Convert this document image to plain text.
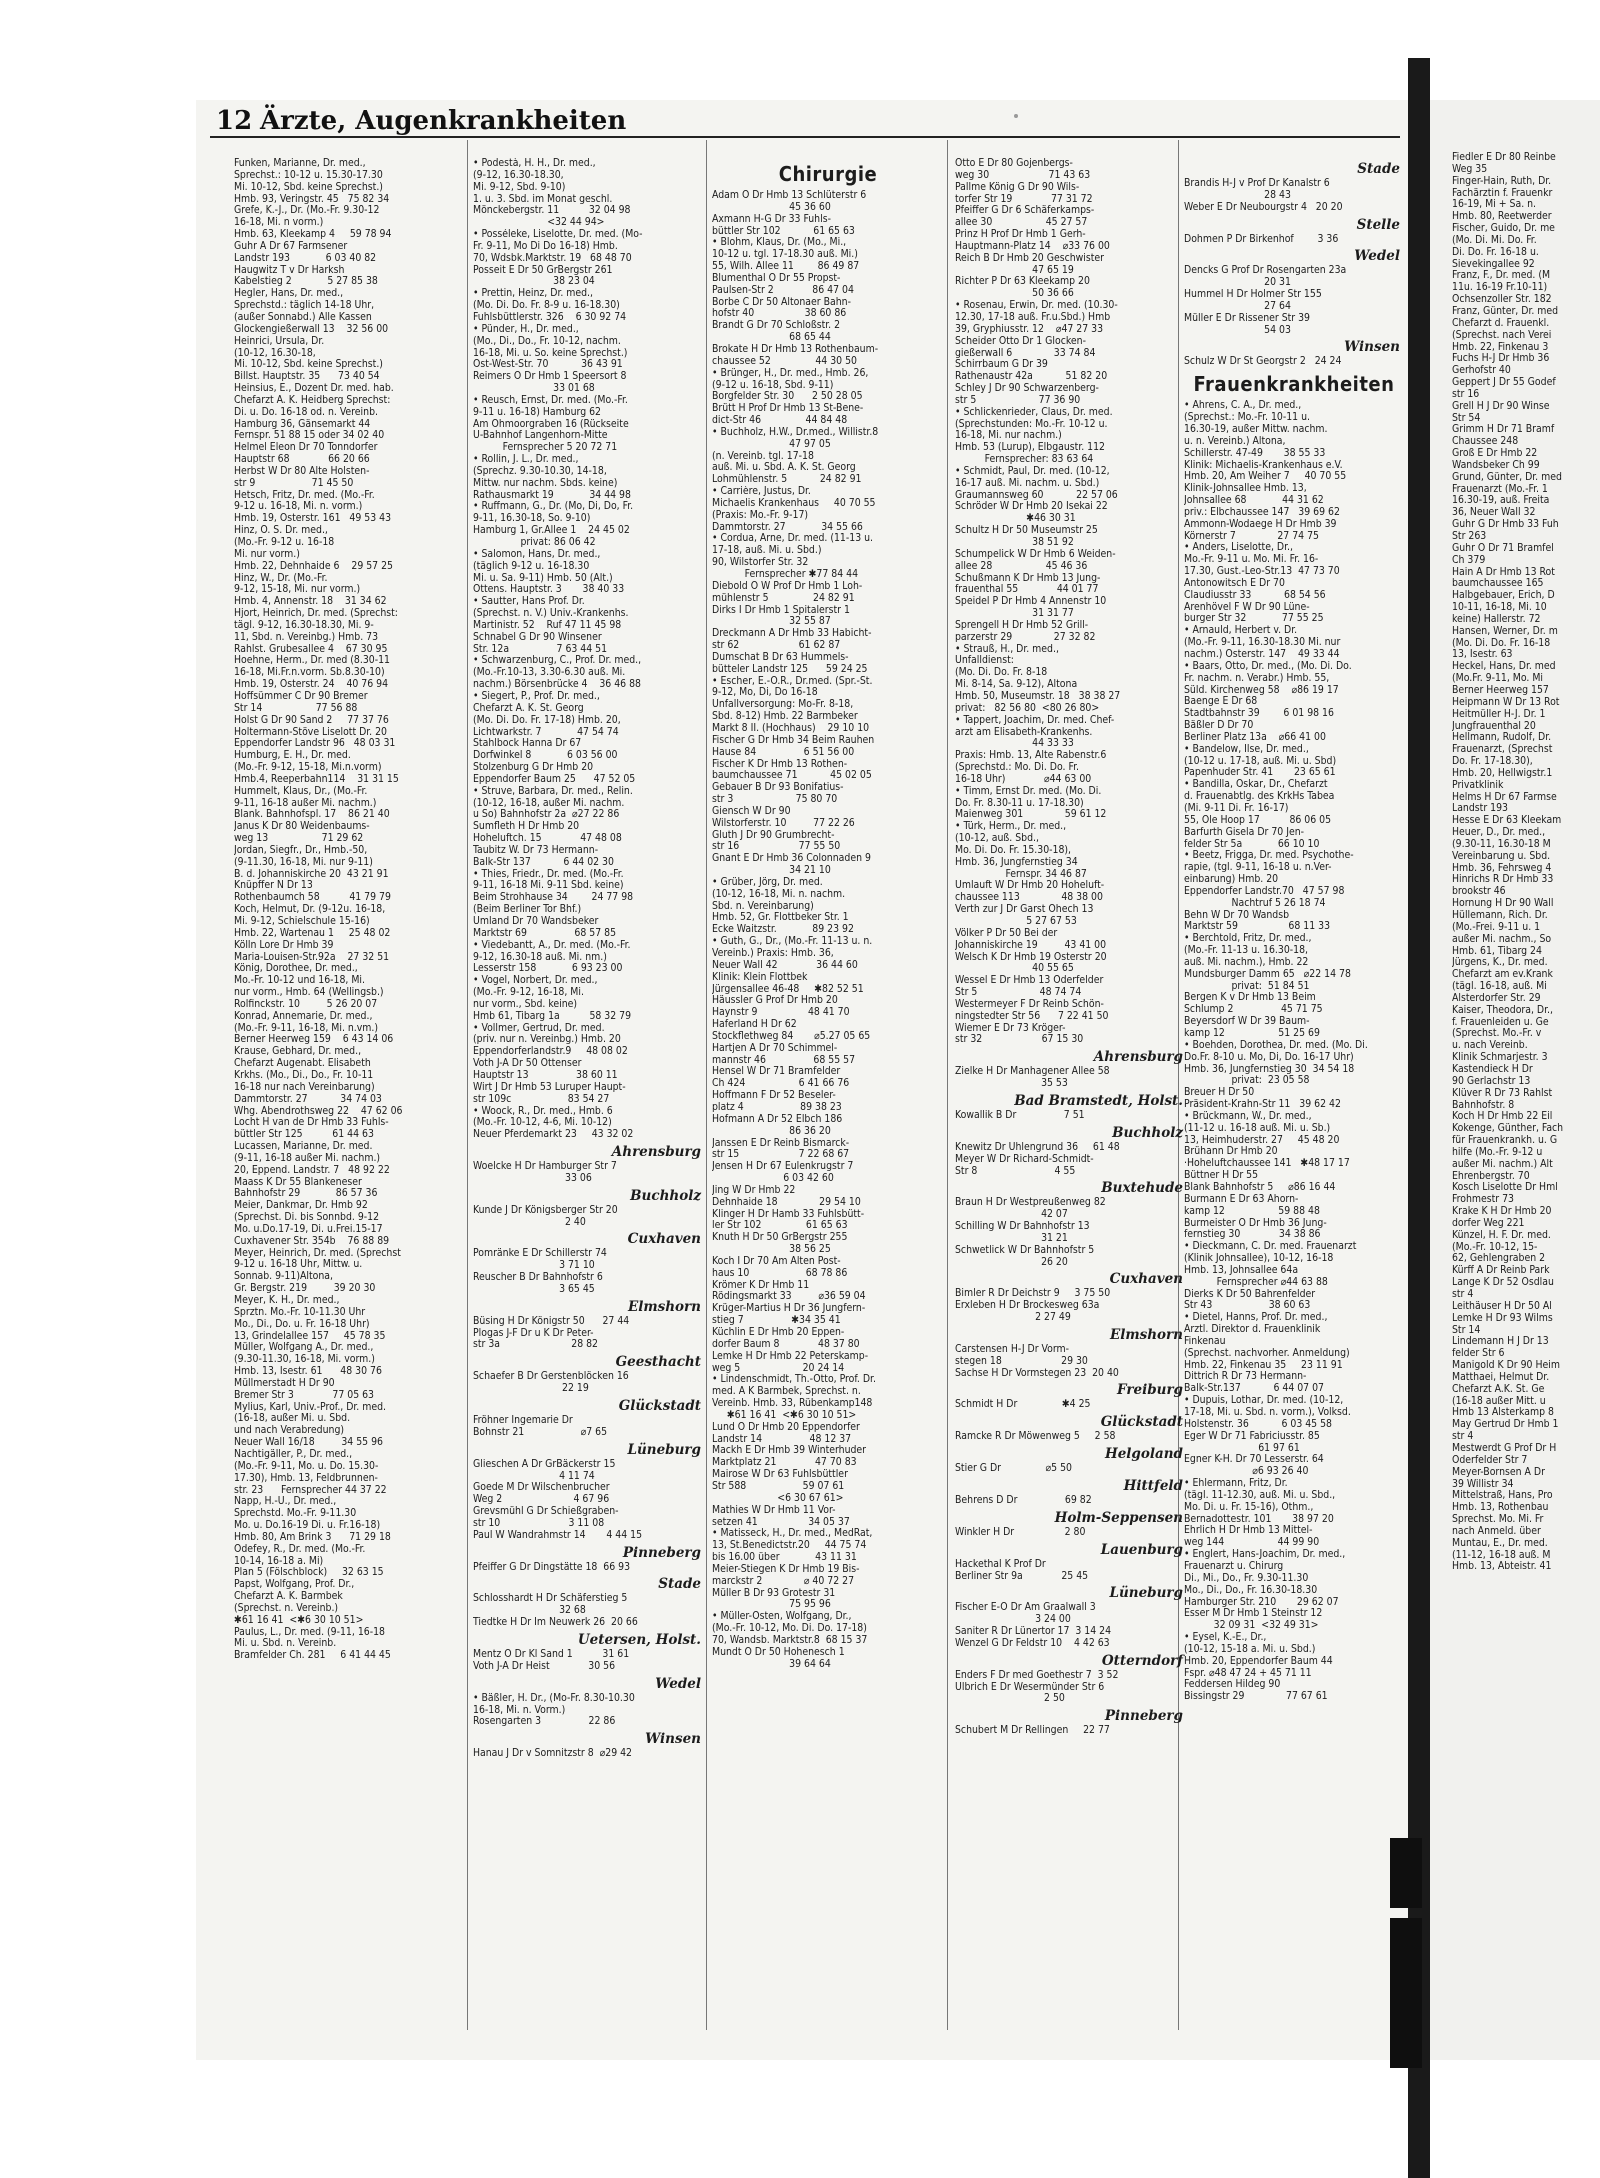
Fiedler E Dr 80 Reinbe
Weg 35
Finger-Hain, Ruth, Dr.
Fachärztin f. Frauenkr
16-19, Mi + Sa. n.
Hmb. 80, Reetwerder
Fischer, Guido, Dr. me
(Mo. Di. Mi. Do. Fr.
Di. Do. Fr. 16-18 u.
Sievekingallee 92
Franz, F., Dr. med. (M
11u. 16-19 Fr.10-11)
Ochsenzoller Str. 182
Franz, Günter, Dr. med
Chefarzt d. Frauenkl.
(Sprechst. nach Verei
Hmb. 22, Finkenau 3
Fuchs H-J Dr Hmb 36
Gerhofstr 40
Geppert J Dr 55 Godef
str 16
Grell H J Dr 90 Winse
Str 54
Grimm H Dr 71 Bramf
Chaussee 248
Groß E Dr Hmb 22
Wandsbeker Ch 99
Grund, Günter, Dr. med
Frauenarzt (Mo.-Fr. 1
16.30-19, auß. Freita
36, Neuer Wall 32
Guhr G Dr Hmb 33 Fuh
Str 263
Guhr O Dr 71 Bramfel
Ch 379
Hain A Dr Hmb 13 Rot
baumchaussee 165
Halbgebauer, Erich, D
10-11, 16-18, Mi. 10
keine) Hallerstr. 72
Hansen, Werner, Dr. m
(Mo. Di. Do. Fr. 16-18
13, Isestr. 63
Heckel, Hans, Dr. med
(Mo.Fr. 9-11, Mo. Mi
Berner Heerweg 157
Heipmann W Dr 13 Rot
Heitmüller H-J. Dr. 1
Jungfrauenthal 20
Hellmann, Rudolf, Dr.
Frauenarzt, (Sprechst
Do. Fr. 17-18.30),
Hmb. 20, Hellwigstr.1
Privatklinik
Helms H Dr 67 Farmse
Landstr 193
Hesse E Dr 63 Kleekam
Heuer, D., Dr. med.,
(9.30-11, 16.30-18 M
Vereinbarung u. Sbd.
Hmb. 36, Fehrsweg 4
Hinrichs R Dr Hmb 33
brookstr 46
Hornung H Dr 90 Wall
Hüllemann, Rich. Dr.
(Mo.-Frei. 9-11 u. 1
außer Mi. nachm., So
Hmb. 61, Tibarg 24
Jürgens, K., Dr. med.
Chefarzt am ev.Krank
(tägl. 16-18, auß. Mi
Alsterdorfer Str. 29
Kaiser, Theodora, Dr.,
f. Frauenleiden u. Ge
(Sprechst. Mo.-Fr. v
u. nach Vereinb.
Klinik Schmarjestr. 3
Kastendieck H Dr
90 Gerlachstr 13
Klüver R Dr 73 Rahlst
Bahnhofstr. 8
Koch H Dr Hmb 22 Eil
Kokenge, Günther, Fach
für Frauenkrankh. u. G
hilfe (Mo.-Fr. 9-12 u
außer Mi. nachm.) Alt
Ehrenbergstr. 70
Kosch Liselotte Dr Hml
Frohmestr 73
Krake K H Dr Hmb 20
dorfer Weg 221
Künzel, H. F. Dr. med.
(Mo.-Fr. 10-12, 15-
62, Gehlengraben 2
Kürff A Dr Reinb Park
Lange K Dr 52 Osdlau
str 4
Leithäuser H Dr 50 Al
Lemke H Dr 93 Wilms
Str 14
Lindemann H J Dr 13
felder Str 6
Manigold K Dr 90 Heim
Matthaei, Helmut Dr.
Chefarzt A.K. St. Ge
(16-18 außer Mitt. u
Hmb 13 Alsterkamp 8
May Gertrud Dr Hmb 1
str 4
Mestwerdt G Prof Dr H
Oderfelder Str 7
Meyer-Bornsen A Dr
39 Willistr 34
Mittelstraß, Hans, Pro
Hmb. 13, Rothenbau
Sprechst. Mo. Mi. Fr
nach Anmeld. über
Muntau, E., Dr. med.
(11-12, 16-18 auß. M
Hmb. 13, Abteistr. 41
12 Ärzte, Augenkrankheiten
Funken, Marianne, Dr. med.,
Sprechst.: 10-12 u. 15.30-17.30
Mi. 10-12, Sbd. keine Sprechst.)
Hmb. 93, Veringstr. 45   75 82 34
Grefe, K.-J., Dr. (Mo.-Fr. 9.30-12
16-18, Mi. n vorm.)
Hmb. 63, Kleekamp 4     59 78 94
Guhr A Dr 67 Farmsener
Landstr 193            6 03 40 82
Haugwitz T v Dr Harksh
Kabelstieg 2            5 27 85 38
Hegler, Hans, Dr. med.,
Sprechstd.: täglich 14-18 Uhr,
(außer Sonnabd.) Alle Kassen
Glockengießerwall 13    32 56 00
Heinrici, Ursula, Dr.
(10-12, 16.30-18,
Mi. 10-12, Sbd. keine Sprechst.)
Billst. Hauptstr. 35      73 40 54
Heinsius, E., Dozent Dr. med. hab.
Chefarzt A. K. Heidberg Sprechst:
Di. u. Do. 16-18 od. n. Vereinb.
Hamburg 36, Gänsemarkt 44
Fernspr. 51 88 15 oder 34 02 40
Helmel Eleon Dr 70 Tonndorfer
Hauptstr 68             66 20 66
Herbst W Dr 80 Alte Holsten-
str 9                   71 45 50
Hetsch, Fritz, Dr. med. (Mo.-Fr.
9-12 u. 16-18, Mi. n. vorm.)
Hmb. 19, Osterstr. 161   49 53 43
Hinz, O. S. Dr. med.,
(Mo.-Fr. 9-12 u. 16-18
Mi. nur vorm.)
Hmb. 22, Dehnhaide 6    29 57 25
Hinz, W., Dr. (Mo.-Fr.
9-12, 15-18, Mi. nur vorm.)
Hmb. 4, Annenstr. 18    31 34 62
Hjort, Heinrich, Dr. med. (Sprechst:
tägl. 9-12, 16.30-18.30, Mi. 9-
11, Sbd. n. Vereinbg.) Hmb. 73
Rahlst. Grubesallee 4    67 30 95
Hoehne, Herm., Dr. med (8.30-11
16-18, Mi.Fr.n.vorm. Sb.8.30-10)
Hmb. 19, Osterstr. 24    40 76 94
Hoffsümmer C Dr 90 Bremer
Str 14                  77 56 88
Holst G Dr 90 Sand 2     77 37 76
Holtermann-Stöve Liselott Dr. 20
Eppendorfer Landstr 96   48 03 31
Humburg, E. H., Dr. med.
(Mo.-Fr. 9-12, 15-18, Mi.n.vorm)
Hmb.4, Reeperbahn114    31 31 15
Hummelt, Klaus, Dr., (Mo.-Fr.
9-11, 16-18 außer Mi. nachm.)
Blank. Bahnhofspl. 17    86 21 40
Janus K Dr 80 Weidenbaums-
weg 13                  71 29 62
Jordan, Siegfr., Dr., Hmb.-50,
(9-11.30, 16-18, Mi. nur 9-11)
B. d. Johanniskirche 20  43 21 91
Knüpffer N Dr 13
Rothenbaumch 58          41 79 79
Koch, Helmut, Dr. (9-12u. 16-18,
Mi. 9-12, Schielschule 15-16)
Hmb. 22, Wartenau 1     25 48 02
Kölln Lore Dr Hmb 39
Maria-Louisen-Str.92a    27 32 51
König, Dorothee, Dr. med.,
Mo.-Fr. 10-12 und 16-18, Mi.
nur vorm., Hmb. 64 (Wellingsb.)
Rolfinckstr. 10         5 26 20 07
Konrad, Annemarie, Dr. med.,
(Mo.-Fr. 9-11, 16-18, Mi. n.vm.)
Berner Heerweg 159    6 43 14 06
Krause, Gebhard, Dr. med.,
Chefarzt Augenabt. Elisabeth
Krkhs. (Mo., Di., Do., Fr. 10-11
16-18 nur nach Vereinbarung)
Dammtorstr. 27           34 74 03
Whg. Abendrothsweg 22    47 62 06
Locht H van de Dr Hmb 33 Fuhls-
büttler Str 125          61 44 63
Lucassen, Marianne, Dr. med.
(9-11, 16-18 außer Mi. nachm.)
20, Eppend. Landstr. 7   48 92 22
Maass K Dr 55 Blankeneser
Bahnhofstr 29            86 57 36
Meier, Dankmar, Dr. Hmb 92
(Sprechst. Di. bis Sonnbd. 9-12
Mo. u.Do.17-19, Di. u.Frei.15-17
Cuxhavener Str. 354b    76 88 89
Meyer, Heinrich, Dr. med. (Sprechst
9-12 u. 16-18 Uhr, Mittw. u.
Sonnab. 9-11)Altona,
Gr. Bergstr. 219         39 20 30
Meyer, K. H., Dr. med.,
Sprztn. Mo.-Fr. 10-11.30 Uhr
Mo., Di., Do. u. Fr. 16-18 Uhr)
13, Grindelallee 157     45 78 35
Müller, Wolfgang A., Dr. med.,
(9.30-11.30, 16-18, Mi. vorm.)
Hmb. 13, Isestr. 61      48 30 76
Müllmerstadt H Dr 90
Bremer Str 3             77 05 63
Mylius, Karl, Univ.-Prof., Dr. med.
(16-18, außer Mi. u. Sbd.
und nach Verabredung)
Neuer Wall 16/18         34 55 96
Nachtigäller, P., Dr. med.,
(Mo.-Fr. 9-11, Mo. u. Do. 15.30-
17.30), Hmb. 13, Feldbrunnen-
str. 23      Fernsprecher 44 37 22
Napp, H.-U., Dr. med.,
Sprechstd. Mo.-Fr. 9-11.30
Mo. u. Do.16-19 Di. u. Fr.16-18)
Hmb. 80, Am Brink 3      71 29 18
Odefey, R., Dr. med. (Mo.-Fr.
10-14, 16-18 a. Mi)
Plan 5 (Fölschblock)     32 63 15
Papst, Wolfgang, Prof. Dr.,
Chefarzt A. K. Barmbek
(Sprechst. n. Vereinb.)
✱61 16 41  <✱6 30 10 51>
Paulus, L., Dr. med. (9-11, 16-18
Mi. u. Sbd. n. Vereinb.
Bramfelder Ch. 281     6 41 44 45
• Podestà, H. H., Dr. med.,
(9-12, 16.30-18.30,
Mi. 9-12, Sbd. 9-10)
1. u. 3. Sbd. im Monat geschl.
Mönckebergstr. 11          32 04 98
<32 44 94>
• Posséleke, Liselotte, Dr. med. (Mo-
Fr. 9-11, Mo Di Do 16-18) Hmb.
70, Wdsbk.Marktstr. 19   68 48 70
Posseit E Dr 50 GrBergstr 261
38 23 04
• Prettin, Heinz, Dr. med.,
(Mo. Di. Do. Fr. 8-9 u. 16-18.30)
Fuhlsbüttlerstr. 326    6 30 92 74
• Pünder, H., Dr. med.,
(Mo., Di., Do., Fr. 10-12, nachm.
16-18, Mi. u. So. keine Sprechst.)
Ost-West-Str. 70           36 43 91
Reimers O Dr Hmb 1 Speersort 8
33 01 68
• Reusch, Ernst, Dr. med. (Mo.-Fr.
9-11 u. 16-18) Hamburg 62
Am Ohmoorgraben 16 (Rückseite
U-Bahnhof Langenhorn-Mitte
Fernsprecher 5 20 72 71
• Rollin, J. L., Dr. med.,
(Sprechz. 9.30-10.30, 14-18,
Mittw. nur nachm. Sbds. keine)
Rathausmarkt 19            34 44 98
• Ruffmann, G., Dr. (Mo, Di, Do, Fr.
9-11, 16.30-18, So. 9-10)
Hamburg 1, Gr.Allee 1    24 45 02
privat: 86 06 42
• Salomon, Hans, Dr. med.,
(täglich 9-12 u. 16-18.30
Mi. u. Sa. 9-11) Hmb. 50 (Alt.)
Ottens. Hauptstr. 3       38 40 33
• Sautter, Hans Prof. Dr.
(Sprechst. n. V.) Univ.-Krankenhs.
Martinistr. 52    Ruf 47 11 45 98
Schnabel G Dr 90 Winsener
Str. 12a                7 63 44 51
• Schwarzenburg, C., Prof. Dr. med.,
(Mo.-Fr.10-13, 3.30-6.30 auß. Mi.
nachm.) Börsenbrücke 4    36 46 88
• Siegert, P., Prof. Dr. med.,
Chefarzt A. K. St. Georg
(Mo. Di. Do. Fr. 17-18) Hmb. 20,
Lichtwarkstr. 7            47 54 74
Stahlbock Hanna Dr 67
Dorfwinkel 8            6 03 56 00
Stolzenburg G Dr Hmb 20
Eppendorfer Baum 25      47 52 05
• Struve, Barbara, Dr. med., Relin.
(10-12, 16-18, außer Mi. nachm.
u So) Bahnhofstr 2a  ⌀27 22 86
Sumfleth H Dr Hmb 20
Hoheluftch. 15             47 48 08
Taubitz W. Dr 73 Hermann-
Balk-Str 137           6 44 02 30
• Thies, Friedr., Dr. med. (Mo.-Fr.
9-11, 16-18 Mi. 9-11 Sbd. keine)
Beim Strohhause 34        24 77 98
(Beim Berliner Tor Bhf.)
Umland Dr 70 Wandsbeker
Marktstr 69                68 57 85
• Viedebantt, A., Dr. med. (Mo.-Fr.
9-12, 16.30-18 auß. Mi. nm.)
Lesserstr 158            6 93 23 00
• Vogel, Norbert, Dr. med.,
(Mo.-Fr. 9-12, 16-18, Mi.
nur vorm., Sbd. keine)
Hmb 61, Tibarg 1a          58 32 79
• Vollmer, Gertrud, Dr. med.
(priv. nur n. Vereinbg.) Hmb. 20
Eppendorferlandstr.9     48 08 02
Voth J-A Dr 50 Ottenser
Hauptstr 13                38 60 11
Wirt J Dr Hmb 53 Luruper Haupt-
str 109c                   83 54 27
• Woock, R., Dr. med., Hmb. 6
(Mo.-Fr. 10-12, 4-6, Mi. 10-12)
Neuer Pferdemarkt 23     43 32 02
Ahrensburg
Woelcke H Dr Hamburger Str 7
33 06
Buchholz
Kunde J Dr Königsberger Str 20
2 40
Cuxhaven
Pomränke E Dr Schillerstr 74
3 71 10
Reuscher B Dr Bahnhofstr 6
3 65 45
Elmshorn
Büsing H Dr Königstr 50      27 44
Plogas J-F Dr u K Dr Peter-
str 3a                        28 82
Geesthacht
Schaefer B Dr Gerstenblöcken 16
22 19
Glückstadt
Fröhner Ingemarie Dr
Bohnstr 21                   ⌀7 65
Lüneburg
Glieschen A Dr GrBäckerstr 15
4 11 74
Goede M Dr Wilschenbrucher
Weg 2                        4 67 96
Grevsmühl G Dr Schießgraben-
str 10                       3 11 08
Paul W Wandrahmstr 14       4 44 15
Pinneberg
Pfeiffer G Dr Dingstätte 18  66 93
Stade
Schlosshardt H Dr Schäferstieg 5
32 68
Tiedtke H Dr Im Neuwerk 26  20 66
Uetersen, Holst.
Mentz O Dr Kl Sand 1          31 61
Voth J-A Dr Heist             30 56
Wedel
• Bäßler, H. Dr., (Mo-Fr. 8.30-10.30
16-18, Mi. n. Vorm.)
Rosengarten 3                22 86
Winsen
Hanau J Dr v Somnitzstr 8  ⌀29 42
Chirurgie
Adam O Dr Hmb 13 Schlüterstr 6
45 36 60
Axmann H-G Dr 33 Fuhls-
büttler Str 102           61 65 63
• Blohm, Klaus, Dr. (Mo., Mi.,
10-12 u. tgl. 17-18.30 auß. Mi.)
55, Wilh. Allee 11        86 49 87
Blumenthal O Dr 55 Propst-
Paulsen-Str 2             86 47 04
Borbe C Dr 50 Altonaer Bahn-
hofstr 40                 38 60 86
Brandt G Dr 70 Schloßstr. 2
68 65 44
Brokate H Dr Hmb 13 Rothenbaum-
chaussee 52               44 30 50
• Brünger, H., Dr. med., Hmb. 26,
(9-12 u. 16-18, Sbd. 9-11)
Borgfelder Str. 30      2 50 28 05
Brütt H Prof Dr Hmb 13 St-Bene-
dict-Str 46               44 84 48
• Buchholz, H.W., Dr.med., Willistr.8
47 97 05
(n. Vereinb. tgl. 17-18
auß. Mi. u. Sbd. A. K. St. Georg
Lohmühlenstr. 5           24 82 91
• Carrière, Justus, Dr.
Michaelis Krankenhaus     40 70 55
(Praxis: Mo.-Fr. 9-17)
Dammtorstr. 27            34 55 66
• Cordua, Arne, Dr. med. (11-13 u.
17-18, auß. Mi. u. Sbd.)
90, Wilstorfer Str. 32
Fernsprecher ✱77 84 44
Diebold O W Prof Dr Hmb 1 Loh-
mühlenstr 5               24 82 91
Dirks I Dr Hmb 1 Spitalerstr 1
32 55 87
Dreckmann A Dr Hmb 33 Habicht-
str 62                    61 62 87
Dumschat B Dr 63 Hummels-
bütteler Landstr 125      59 24 25
• Escher, E.-O.R., Dr.med. (Spr.-St.
9-12, Mo, Di, Do 16-18
Unfallversorgung: Mo-Fr. 8-18,
Sbd. 8-12) Hmb. 22 Barmbeker
Markt 8 II. (Hochhaus)    29 10 10
Fischer G Dr Hmb 34 Beim Rauhen
Hause 84                6 51 56 00
Fischer K Dr Hmb 13 Rothen-
baumchaussee 71           45 02 05
Gebauer B Dr 93 Bonifatius-
str 3                     75 80 70
Giensch W Dr 90
Wilstorferstr. 10         77 22 26
Gluth J Dr 90 Grumbrecht-
str 16                    77 55 50
Gnant E Dr Hmb 36 Colonnaden 9
34 21 10
• Grüber, Jörg, Dr. med.
(10-12, 16-18, Mi. n. nachm.
Sbd. n. Vereinbarung)
Hmb. 52, Gr. Flottbeker Str. 1
Ecke Waitzstr.            89 23 92
• Guth, G., Dr., (Mo.-Fr. 11-13 u. n.
Vereinb.) Praxis: Hmb. 36,
Neuer Wall 42             36 44 60
Klinik: Klein Flottbek
Jürgensallee 46-48     ✱82 52 51
Häussler G Prof Dr Hmb 20
Haynstr 9                 48 41 70
Haferland H Dr 62
Stockflethweg 84       ⌀5.27 05 65
Hartjen A Dr 70 Schimmel-
mannstr 46                68 55 57
Hensel W Dr 71 Bramfelder
Ch 424                  6 41 66 76
Hoffmann F Dr 52 Beseler-
platz 4                   89 38 23
Hofmann A Dr 52 Elbch 186
86 36 20
Janssen E Dr Reinb Bismarck-
str 15                    7 22 68 67
Jensen H Dr 67 Eulenkrugstr 7
6 03 42 60
Jing W Dr Hmb 22
Dehnhaide 18              29 54 10
Klinger H Dr Hamb 33 Fuhlsbütt-
ler Str 102               61 65 63
Knuth H Dr 50 GrBergstr 255
38 56 25
Koch I Dr 70 Am Alten Post-
haus 10                   68 78 86
Krömer K Dr Hmb 11
Rödingsmarkt 33         ⌀36 59 04
Krüger-Martius H Dr 36 Jungfern-
stieg 7                ✱34 35 41
Küchlin E Dr Hmb 20 Eppen-
dorfer Baum 8             48 37 80
Lemke H Dr Hmb 22 Peterskamp-
weg 5                     20 24 14
• Lindenschmidt, Th.-Otto, Prof. Dr.
med. A K Barmbek, Sprechst. n.
Vereinb. Hmb. 33, Rübenkamp148
✱61 16 41  <✱6 30 10 51>
Lund O Dr Hmb 20 Eppendorfer
Landstr 14                48 12 37
Mackh E Dr Hmb 39 Winterhuder
Marktplatz 21             47 70 83
Mairose W Dr 63 Fuhlsbüttler
Str 588                   59 07 61
<6 30 67 61>
Mathies W Dr Hmb 11 Vor-
setzen 41                 34 05 37
• Matisseck, H., Dr. med., MedRat,
13, St.Benedictstr.20     44 75 74
bis 16.00 über            43 11 31
Meier-Stiegen K Dr Hmb 19 Bis-
marckstr 2              ⌀ 40 72 27
Müller B Dr 93 Grotestr 31
75 95 96
• Müller-Osten, Wolfgang, Dr.,
(Mo.-Fr. 10-12, Mo. Di. Do. 17-18)
70, Wandsb. Marktstr.8  68 15 37
Mundt O Dr 50 Hohenesch 1
39 64 64
Otto E Dr 80 Gojenbergs-
weg 30                    71 43 63
Pallme König G Dr 90 Wils-
torfer Str 19             77 31 72
Pfeiffer G Dr 6 Schäferkamps-
allee 30                  45 27 57
Prinz H Prof Dr Hmb 1 Gerh-
Hauptmann-Platz 14    ⌀33 76 00
Reich B Dr Hmb 20 Geschwister
47 65 19
Richter P Dr 63 Kleekamp 20
50 36 66
• Rosenau, Erwin, Dr. med. (10.30-
12.30, 17-18 auß. Fr.u.Sbd.) Hmb
39, Gryphiusstr. 12    ⌀47 27 33
Scheider Otto Dr 1 Glocken-
gießerwall 6              33 74 84
Schirrbaum G Dr 39
Rathenaustr 42a           51 82 20
Schley J Dr 90 Schwarzenberg-
str 5                     77 36 90
• Schlickenrieder, Claus, Dr. med.
(Sprechstunden: Mo.-Fr. 10-12 u.
16-18, Mi. nur nachm.)
Hmb. 53 (Lurup), Elbgaustr. 112
Fernsprecher: 83 63 64
• Schmidt, Paul, Dr. med. (10-12,
16-17 auß. Mi. nachm. u. Sbd.)
Graumannsweg 60           22 57 06
Schröder W Dr Hmb 20 Isekai 22
✱46 30 31
Schultz H Dr 50 Museumstr 25
38 51 92
Schumpelick W Dr Hmb 6 Weiden-
allee 28                  45 46 36
Schußmann K Dr Hmb 13 Jung-
frauenthal 55             44 01 77
Speidel P Dr Hmb 4 Annenstr 10
31 31 77
Sprengell H Dr Hmb 52 Grill-
parzerstr 29              27 32 82
• Strauß, H., Dr. med.,
Unfalldienst:
(Mo. Di. Do. Fr. 8-18
Mi. 8-14, Sa. 9-12), Altona
Hmb. 50, Museumstr. 18   38 38 27
privat:   82 56 80  <80 26 80>
• Tappert, Joachim, Dr. med. Chef-
arzt am Elisabeth-Krankenhs.
44 33 33
Praxis: Hmb. 13, Alte Rabenstr.6
(Sprechstd.: Mo. Di. Do. Fr.
16-18 Uhr)             ⌀44 63 00
• Timm, Ernst Dr. med. (Mo. Di.
Do. Fr. 8.30-11 u. 17-18.30)
Maienweg 301              59 61 12
• Türk, Herm., Dr. med.,
(10-12, auß. Sbd.,
Mo. Di. Do. Fr. 15.30-18),
Hmb. 36, Jungfernstieg 34
Fernspr. 34 46 87
Umlauft W Dr Hmb 20 Hoheluft-
chaussee 113              48 38 00
Verth zur J Dr Garst Ohech 13
5 27 67 53
Völker P Dr 50 Bei der
Johanniskirche 19         43 41 00
Welsch K Dr Hmb 19 Osterstr 20
40 55 65
Wessel E Dr Hmb 13 Oderfelder
Str 5                     48 74 74
Westermeyer F Dr Reinb Schön-
ningstedter Str 56      7 22 41 50
Wiemer E Dr 73 Kröger-
str 32                    67 15 30
Ahrensburg
Zielke H Dr Manhagener Allee 58
35 53
Bad Bramstedt, Holst.
Kowallik B Dr                7 51
Buchholz
Knewitz Dr Uhlengrund 36     61 48
Meyer W Dr Richard-Schmidt-
Str 8                          4 55
Buxtehude
Braun H Dr Westpreußenweg 82
42 07
Schilling W Dr Bahnhofstr 13
31 21
Schwetlick W Dr Bahnhofstr 5
26 20
Cuxhaven
Bimler R Dr Deichstr 9     3 75 50
Erxleben H Dr Brockesweg 63a
2 27 49
Elmshorn
Carstensen H-J Dr Vorm-
stegen 18                    29 30
Sachse H Dr Vormstegen 23  20 40
Freiburg
Schmidt H Dr               ✱4 25
Glückstadt
Ramcke R Dr Möwenweg 5     2 58
Helgoland
Stier G Dr               ⌀5 50
Hittfeld
Behrens D Dr                69 82
Holm-Seppensen
Winkler H Dr                 2 80
Lauenburg
Hackethal K Prof Dr
Berliner Str 9a             25 45
Lüneburg
Fischer E-O Dr Am Graalwall 3
3 24 00
Saniter R Dr Lünertor 17  3 14 24
Wenzel G Dr Feldstr 10    4 42 63
Otterndorf
Enders F Dr med Goethestr 7  3 52
Ulbrich E Dr Wesermünder Str 6
2 50
Pinneberg
Schubert M Dr Rellingen     22 77
Stade
Brandis H-J v Prof Dr Kanalstr 6
28 43
Weber E Dr Neubourgstr 4   20 20
Stelle
Dohmen P Dr Birkenhof        3 36
Wedel
Dencks G Prof Dr Rosengarten 23a
20 31
Hummel H Dr Holmer Str 155
27 64
Müller E Dr Rissener Str 39
54 03
Winsen
Schulz W Dr St Georgstr 2   24 24
Frauenkrankheiten
• Ahrens, C. A., Dr. med.,
(Sprechst.: Mo.-Fr. 10-11 u.
16.30-19, außer Mittw. nachm.
u. n. Vereinb.) Altona,
Schillerstr. 47-49       38 55 33
Klinik: Michaelis-Krankenhaus e.V.
Hmb. 20, Am Weiher 7     40 70 55
Klinik-Johnsallee Hmb. 13,
Johnsallee 68            44 31 62
priv.: Elbchaussee 147   39 69 62
Ammonn-Wodaege H Dr Hmb 39
Körnerstr 7              27 74 75
• Anders, Liselotte, Dr.,
Mo.-Fr. 9-11 u. Mo. Mi. Fr. 16-
17.30, Gust.-Leo-Str.13  47 73 70
Antonowitsch E Dr 70
Claudiusstr 33           68 54 56
Arenhövel F W Dr 90 Lüne-
burger Str 32            77 55 25
• Arnauld, Herbert v. Dr.
(Mo.-Fr. 9-11, 16.30-18.30 Mi. nur
nachm.) Osterstr. 147    49 33 44
• Baars, Otto, Dr. med., (Mo. Di. Do.
Fr. nachm. n. Verabr.) Hmb. 55,
Süld. Kirchenweg 58    ⌀86 19 17
Baenge E Dr 68
Stadtbahnstr 39        6 01 98 16
Bäßler D Dr 70
Berliner Platz 13a    ⌀66 41 00
• Bandelow, Ilse, Dr. med.,
(10-12 u. 17-18, auß. Mi. u. Sbd)
Papenhuder Str. 41       23 65 61
• Bandilla, Oskar, Dr., Chefarzt
d. Frauenabtlg. des KrkHs Tabea
(Mi. 9-11 Di. Fr. 16-17)
55, Ole Hoop 17          86 06 05
Barfurth Gisela Dr 70 Jen-
felder Str 5a            66 10 10
• Beetz, Frigga, Dr. med. Psychothe-
rapie, (tgl. 9-11, 16-18 u. n.Ver-
einbarung) Hmb. 20
Eppendorfer Landstr.70   47 57 98
Nachtruf 5 26 18 74
Behn W Dr 70 Wandsb
Marktstr 59                 68 11 33
• Berchtold, Fritz, Dr. med.,
(Mo.-Fr. 11-13 u. 16.30-18,
auß. Mi. nachm.), Hmb. 22
Mundsburger Damm 65   ⌀22 14 78
privat:  51 84 51
Bergen K v Dr Hmb 13 Beim
Schlump 2                45 71 75
Beyersdorf W Dr 39 Baum-
kamp 12                  51 25 69
• Boehden, Dorothea, Dr. med. (Mo. Di.
Do.Fr. 8-10 u. Mo, Di, Do. 16-17 Uhr)
Hmb. 36, Jungfernstieg 30  34 54 18
privat:  23 05 58
Breuer H Dr 50
Präsident-Krahn-Str 11   39 62 42
• Brückmann, W., Dr. med.,
(11-12 u. 16-18 auß. Mi. u. Sb.)
13, Heimhuderstr. 27     45 48 20
Brühann Dr Hmb 20
·Hoheluftchaussee 141   ✱48 17 17
Büttner H Dr 55
Blank Bahnhofstr 5     ⌀86 16 44
Burmann E Dr 63 Ahorn-
kamp 12                  59 88 48
Burmeister O Dr Hmb 36 Jung-
fernstieg 30             34 38 86
• Dieckmann, C. Dr. med. Frauenarzt
(Klinik Johnsallee), 10-12, 16-18
Hmb. 13, Johnsallee 64a
Fernsprecher ⌀44 63 88
Dierks K Dr 50 Bahrenfelder
Str 43                   38 60 63
• Dietel, Hanns, Prof. Dr. med.,
Ärztl. Direktor d. Frauenklinik
Finkenau
(Sprechst. nachvorher. Anmeldung)
Hmb. 22, Finkenau 35     23 11 91
Dittrich R Dr 73 Hermann-
Balk-Str.137           6 44 07 07
• Dupuis, Lothar, Dr. med. (10-12,
17-18, Mi. u. Sbd. n. vorm.), Volksd.
Holstenstr. 36           6 03 45 58
Eger W Dr 71 Fabriciusstr. 85
61 97 61
Egner K-H. Dr 70 Lesserstr. 64
⌀6 93 26 40
• Ehlermann, Fritz, Dr.
(tägl. 11-12.30, auß. Mi. u. Sbd.,
Mo. Di. u. Fr. 15-16), Othm.,
Bernadottestr. 101       38 97 20
Ehrlich H Dr Hmb 13 Mittel-
weg 144                  44 99 90
• Englert, Hans-Joachim, Dr. med.,
Frauenarzt u. Chirurg
Di., Mi., Do., Fr. 9.30-11.30
Mo., Di., Do., Fr. 16.30-18.30
Hamburger Str. 210       29 62 07
Esser M Dr Hmb 1 Steinstr 12
32 09 31  <32 49 31>
• Eysel, K.-E., Dr.,
(10-12, 15-18 a. Mi. u. Sbd.)
Hmb. 20, Eppendorfer Baum 44
Fspr. ⌀48 47 24 + 45 71 11
Feddersen Hildeg 90
Bissingstr 29              77 67 61
